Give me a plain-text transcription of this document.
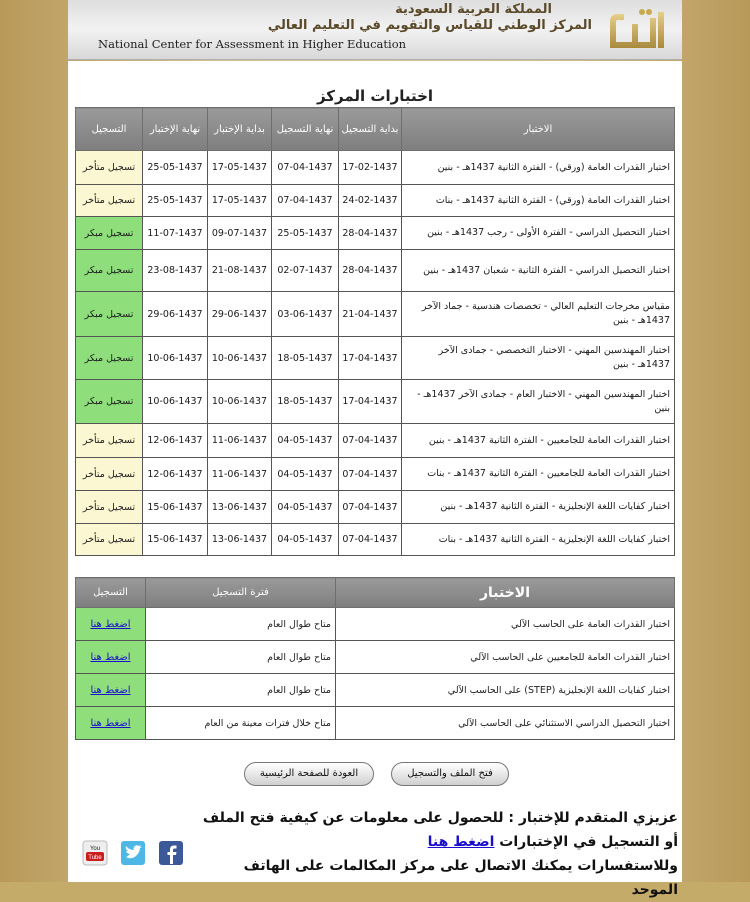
المملكة العربية السعودية
المركز الوطني للقياس والتقويم في التعليم العالي
National Center for Assessment in Higher Education
اختبارات المركز
الاختبار	بداية التسجيل	نهاية التسجيل	بداية الإختبار	نهاية الإختبار	التسجيل
اختبار القدرات العامة (ورقي) - الفترة الثانية 1437هـ - بنين	17-02-1437	07-04-1437	17-05-1437	25-05-1437	تسجيل متأخر
اختبار القدرات العامة (ورقي) - الفترة الثانية 1437هـ - بنات	24-02-1437	07-04-1437	17-05-1437	25-05-1437	تسجيل متأخر
اختبار التحصيل الدراسي - الفترة الأولى - رجب 1437هـ - بنين	28-04-1437	25-05-1437	09-07-1437	11-07-1437	تسجيل مبكر
اختبار التحصيل الدراسي - الفترة الثانية - شعبان 1437هـ - بنين	28-04-1437	02-07-1437	21-08-1437	23-08-1437	تسجيل مبكر
مقياس مخرجات التعليم العالي - تخصصات هندسية - جماد الآخر 1437هـ - بنين	21-04-1437	03-06-1437	29-06-1437	29-06-1437	تسجيل مبكر
اختبار المهندسين المهني - الاختبار التخصصي - جمادى الآخر 1437هـ - بنين	17-04-1437	18-05-1437	10-06-1437	10-06-1437	تسجيل مبكر
اختبار المهندسين المهني - الاختبار العام - جمادى الآخر 1437هـ - بنين	17-04-1437	18-05-1437	10-06-1437	10-06-1437	تسجيل مبكر
اختبار القدرات العامة للجامعيين - الفترة الثانية 1437هـ - بنين	07-04-1437	04-05-1437	11-06-1437	12-06-1437	تسجيل متأخر
اختبار القدرات العامة للجامعيين - الفترة الثانية 1437هـ - بنات	07-04-1437	04-05-1437	11-06-1437	12-06-1437	تسجيل متأخر
اختبار كفايات اللغة الإنجليزية - الفترة الثانية 1437هـ - بنين	07-04-1437	04-05-1437	13-06-1437	15-06-1437	تسجيل متأخر
اختبار كفايات اللغة الإنجليزية - الفترة الثانية 1437هـ - بنات	07-04-1437	04-05-1437	13-06-1437	15-06-1437	تسجيل متأخر
الاختبار	فترة التسجيل	التسجيل
اختبار القدرات العامة على الحاسب الآلي	متاح طوال العام	اضغط هنا
اختبار القدرات العامة للجامعيين على الحاسب الآلي	متاح طوال العام	اضغط هنا
اختبار كفايات اللغة الإنجليزية (STEP) على الحاسب الآلي	متاح طوال العام	اضغط هنا
اختبار التحصيل الدراسي الاستثنائي على الحاسب الآلي	متاح خلال فترات معينة من العام	اضغط هنا
فتح الملف والتسجيل
العودة للصفحة الرئيسية
عزيزي المتقدم للإختبار : للحصول على معلومات عن كيفية فتح الملف أو التسجيل في الإختبارات اضغط هنا
وللاستفسارات يمكنك الاتصال على مركز المكالمات على الهاتف الموحد
You
Tube
